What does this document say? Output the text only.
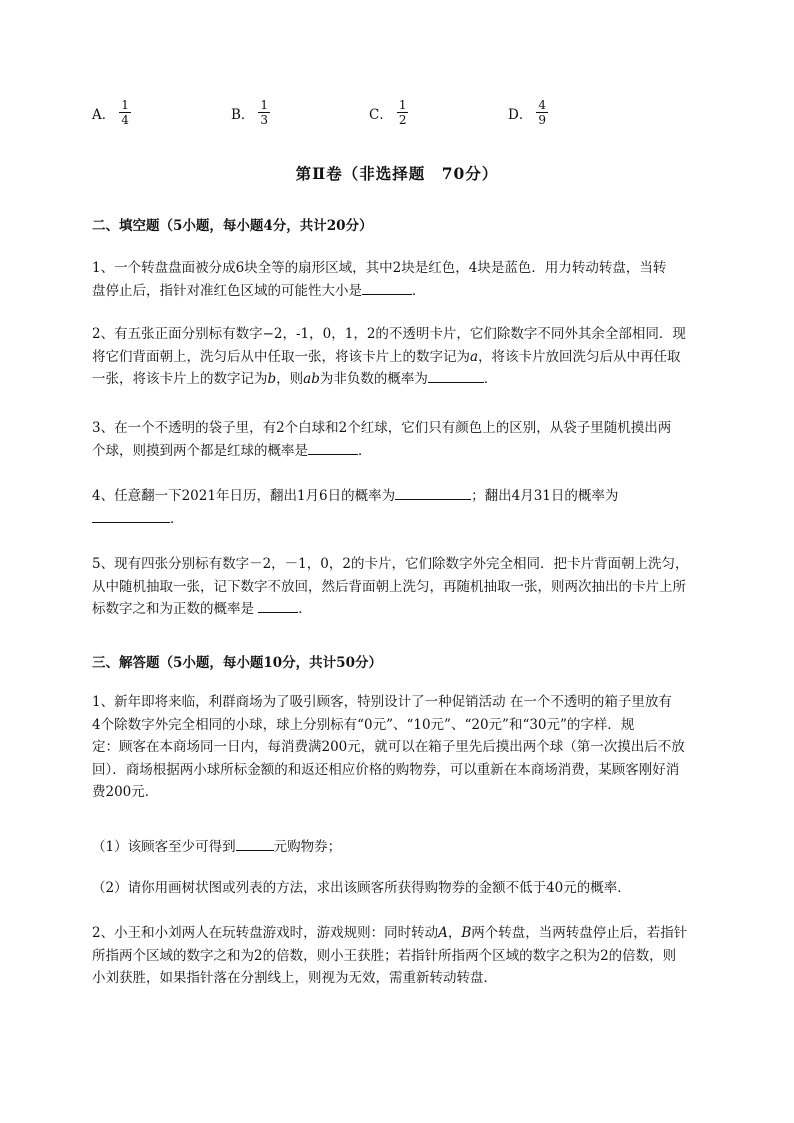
A． $\frac{1}{4}$	B． $\frac{1}{3}$	C． $\frac{1}{2}$	D． $\frac{4}{9}$
第Ⅱ卷（非选择题　70分）
二、填空题（5小题，每小题4分，共计20分）
1、一个转盘盘面被分成6块全等的扇形区域，其中2块是红色，4块是蓝色．用力转动转盘，当转
盘停止后，指针对准红色区域的可能性大小是	．
2、有五张正面分别标有数字−2，-1，0，1，2的不透明卡片，它们除数字不同外其余全部相同．现
将它们背面朝上，洗匀后从中任取一张，将该卡片上的数字记为a，将该卡片放回洗匀后从中再任取
一张，将该卡片上的数字记为b，则ab为非负数的概率为	．
3、在一个不透明的袋子里，有2个白球和2个红球，它们只有颜色上的区别，从袋子里随机摸出两
个球，则摸到两个都是红球的概率是	．
4、任意翻一下2021年日历，翻出1月6日的概率为	；翻出4月31日的概率为
．
5、现有四张分别标有数字－2，－1，0，2的卡片，它们除数字外完全相同．把卡片背面朝上洗匀，
从中随机抽取一张，记下数字不放回，然后背面朝上洗匀，再随机抽取一张，则两次抽出的卡片上所
标数字之和为正数的概率是	．
三、解答题（5小题，每小题10分，共计50分）
1、新年即将来临，利群商场为了吸引顾客，特别设计了一种促销活动 在一个不透明的箱子里放有
4个除数字外完全相同的小球，球上分别标有“0元”、“10元”、“20元”和“30元”的字样．规
定：顾客在本商场同一日内，每消费满200元，就可以在箱子里先后摸出两个球（第一次摸出后不放
回）．商场根据两小球所标金额的和返还相应价格的购物券，可以重新在本商场消费，某顾客刚好消
费200元．
（1）该顾客至少可得到	元购物券；
（2）请你用画树状图或列表的方法，求出该顾客所获得购物券的金额不低于40元的概率．
2、小王和小刘两人在玩转盘游戏时，游戏规则：同时转动A，B两个转盘，当两转盘停止后，若指针
所指两个区域的数字之和为2的倍数，则小王获胜；若指针所指两个区域的数字之积为2的倍数，则
小刘获胜，如果指针落在分割线上，则视为无效，需重新转动转盘．
